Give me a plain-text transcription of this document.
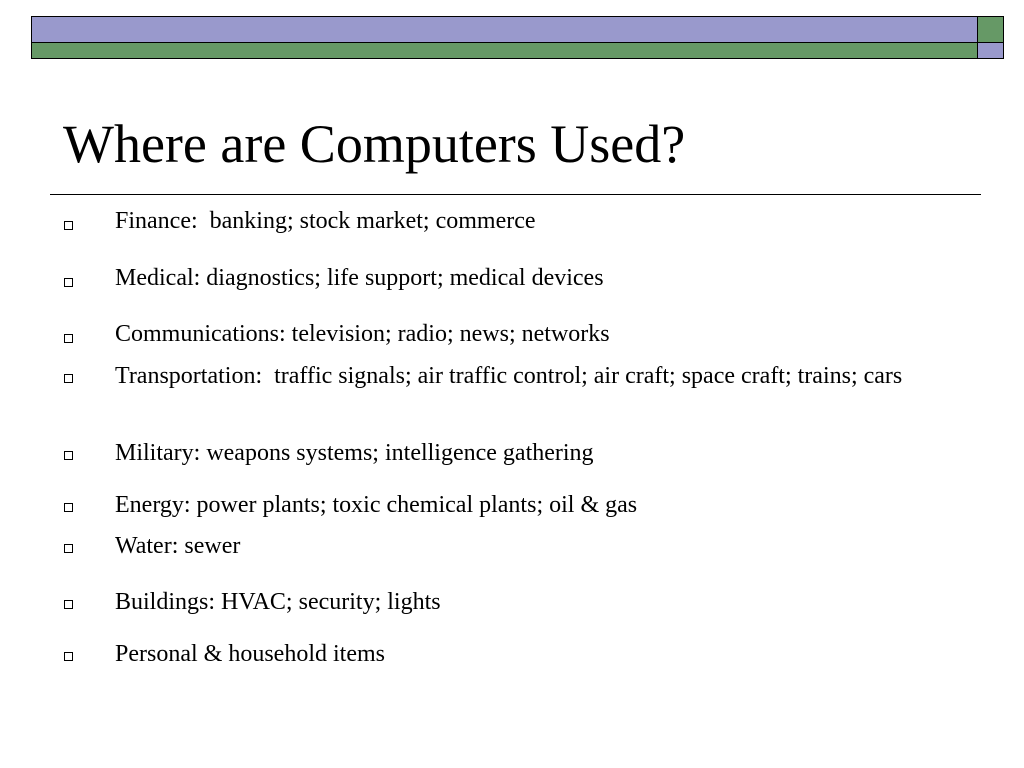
Where are Computers Used?
Finance:  banking; stock market; commerce
Medical: diagnostics; life support; medical devices
Communications: television; radio; news; networks
Transportation:  traffic signals; air traffic control; air craft; space craft; trains; cars
Military: weapons systems; intelligence gathering
Energy: power plants; toxic chemical plants; oil & gas
Water: sewer
Buildings: HVAC; security; lights
Personal & household items
